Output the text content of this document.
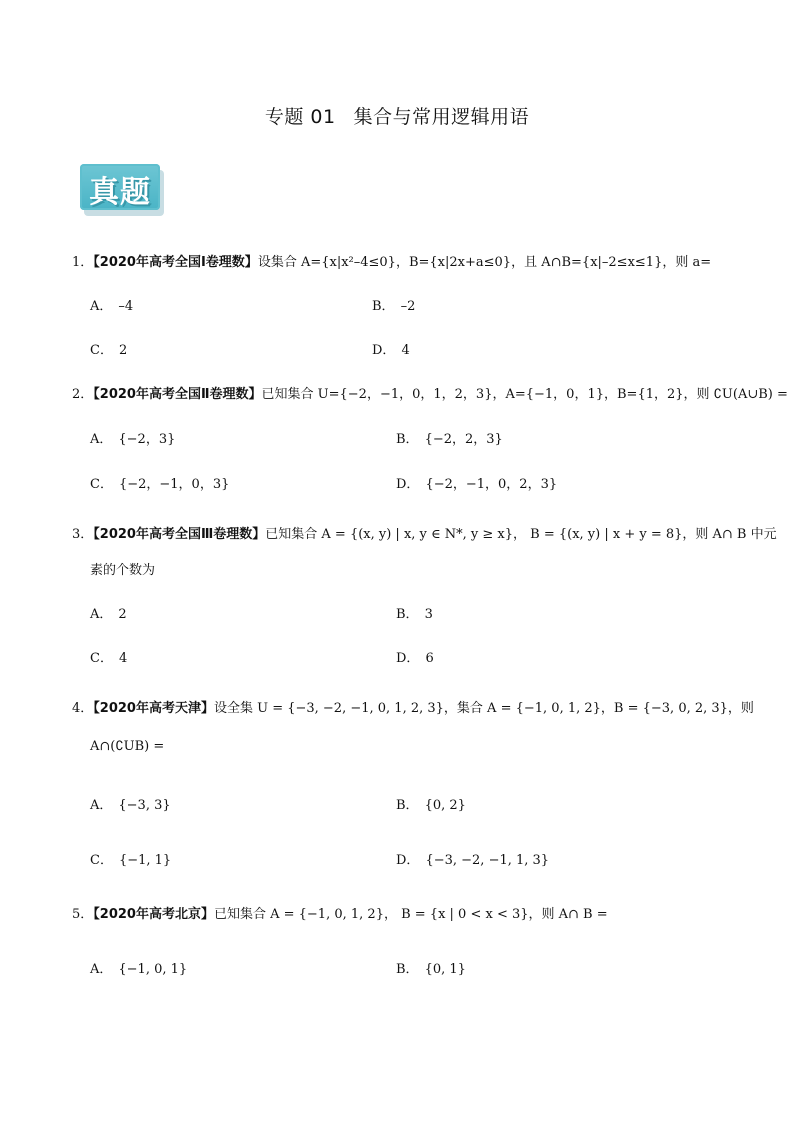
专题 01 集合与常用逻辑用语
真题
1．【2020年高考全国Ⅰ卷理数】设集合 A={x|x²–4≤0}，B={x|2x+a≤0}，且 A∩B={x|–2≤x≤1}，则 a=
A． –4	B． –2
C． 2	D． 4
2．【2020年高考全国Ⅱ卷理数】已知集合 U={−2，−1，0，1，2，3}，A={−1，0，1}，B={1，2}，则 ∁U(A∪B) =
A． {−2，3}	B． {−2，2，3}
C． {−2，−1，0，3}	D． {−2，−1，0，2，3}
3．【2020年高考全国Ⅲ卷理数】已知集合 A = {(x, y) | x, y ∈ N*, y ≥ x}， B = {(x, y) | x + y = 8}，则 A∩ B 中元
素的个数为
A． 2	B． 3
C． 4	D． 6
4．【2020年高考天津】设全集 U = {−3, −2, −1, 0, 1, 2, 3}，集合 A = {−1, 0, 1, 2}，B = {−3, 0, 2, 3}，则
A∩(∁UB) =
A． {−3, 3}	B． {0, 2}
C． {−1, 1}	D． {−3, −2, −1, 1, 3}
5．【2020年高考北京】已知集合 A = {−1, 0, 1, 2}， B = {x | 0 < x < 3}，则 A∩ B =
A． {−1, 0, 1}	B． {0, 1}
